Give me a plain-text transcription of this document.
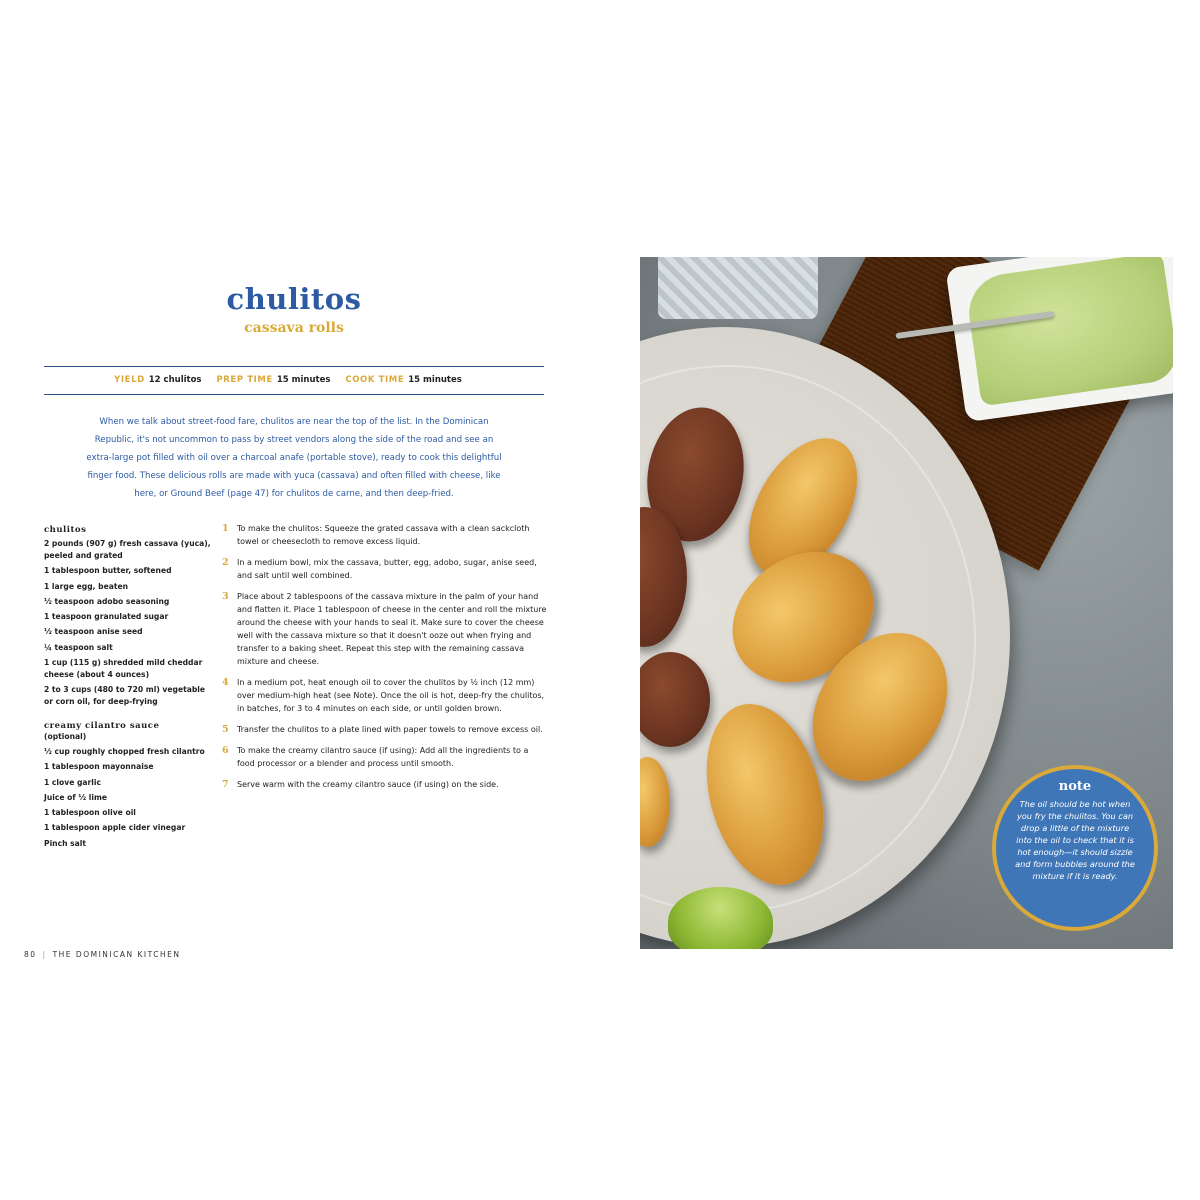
chulitos
cassava rolls
YIELD 12 chulitos PREP TIME 15 minutes COOK TIME 15 minutes
When we talk about street-food fare, chulitos are near the top of the list. In the Dominican Republic, it's not uncommon to pass by street vendors along the side of the road and see an extra-large pot filled with oil over a charcoal anafe (portable stove), ready to cook this delightful finger food. These delicious rolls are made with yuca (cassava) and often filled with cheese, like here, or Ground Beef (page 47) for chulitos de carne, and then deep-fried.
chulitos
2 pounds (907 g) fresh cassava (yuca), peeled and grated
1 tablespoon butter, softened
1 large egg, beaten
½ teaspoon adobo seasoning
1 teaspoon granulated sugar
½ teaspoon anise seed
¼ teaspoon salt
1 cup (115 g) shredded mild cheddar cheese (about 4 ounces)
2 to 3 cups (480 to 720 ml) vegetable or corn oil, for deep-frying
creamy cilantro sauce
(optional)
½ cup roughly chopped fresh cilantro
1 tablespoon mayonnaise
1 clove garlic
Juice of ½ lime
1 tablespoon olive oil
1 tablespoon apple cider vinegar
Pinch salt
1 To make the chulitos: Squeeze the grated cassava with a clean sackcloth towel or cheesecloth to remove excess liquid.
2 In a medium bowl, mix the cassava, butter, egg, adobo, sugar, anise seed, and salt until well combined.
3 Place about 2 tablespoons of the cassava mixture in the palm of your hand and flatten it. Place 1 tablespoon of cheese in the center and roll the mixture around the cheese with your hands to seal it. Make sure to cover the cheese well with the cassava mixture so that it doesn't ooze out when frying and transfer to a baking sheet. Repeat this step with the remaining cassava mixture and cheese.
4 In a medium pot, heat enough oil to cover the chulitos by ½ inch (12 mm) over medium-high heat (see Note). Once the oil is hot, deep-fry the chulitos, in batches, for 3 to 4 minutes on each side, or until golden brown.
5 Transfer the chulitos to a plate lined with paper towels to remove excess oil.
6 To make the creamy cilantro sauce (if using): Add all the ingredients to a food processor or a blender and process until smooth.
7 Serve warm with the creamy cilantro sauce (if using) on the side.
80 | THE DOMINICAN KITCHEN
note
The oil should be hot when you fry the chulitos. You can drop a little of the mixture into the oil to check that it is hot enough—it should sizzle and form bubbles around the mixture if it is ready.
